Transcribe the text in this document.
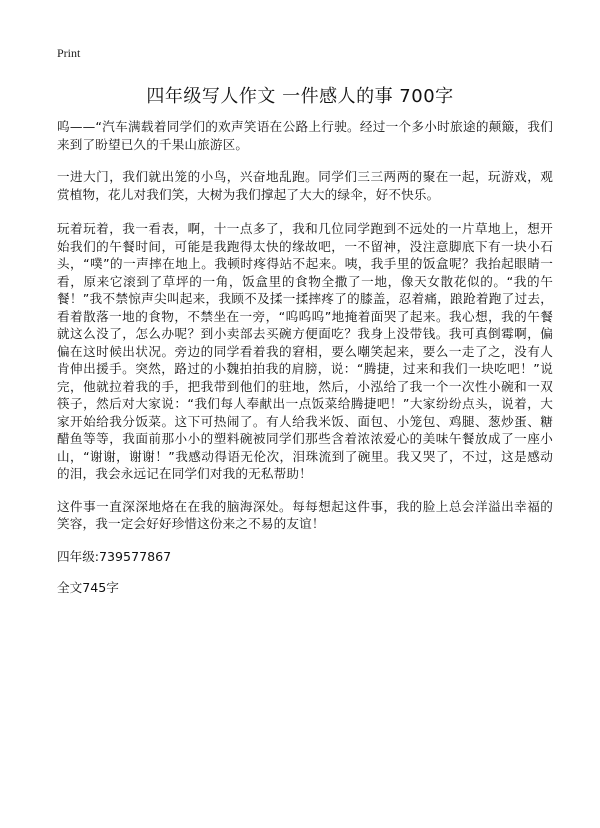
Print
四年级写人作文 一件感人的事 700字

呜——“汽车满载着同学们的欢声笑语在公路上行驶。经过一个多小时旅途的颠簸，我们来到了盼望已久的千果山旅游区。

一进大门，我们就出笼的小鸟，兴奋地乱跑。同学们三三两两的聚在一起，玩游戏，观赏植物，花儿对我们笑，大树为我们撑起了大大的绿伞，好不快乐。

玩着玩着，我一看表，啊，十一点多了，我和几位同学跑到不远处的一片草地上，想开始我们的午餐时间，可能是我跑得太快的缘故吧，一不留神，没注意脚底下有一块小石头，“噗”的一声摔在地上。我顿时疼得站不起来。咦，我手里的饭盒呢？我抬起眼睛一看，原来它滚到了草坪的一角，饭盒里的食物全撒了一地，像天女散花似的。“我的午餐！”我不禁惊声尖叫起来，我顾不及揉一揉摔疼了的膝盖，忍着痛，踉跄着跑了过去，看着散落一地的食物，不禁坐在一旁，“呜呜呜”地掩着面哭了起来。我心想，我的午餐就这么没了，怎么办呢？到小卖部去买碗方便面吃？我身上没带钱。我可真倒霉啊，偏偏在这时候出状况。旁边的同学看着我的窘相，要么嘲笑起来，要么一走了之，没有人肯伸出援手。突然，路过的小魏拍拍我的肩膀，说：“腾捷，过来和我们一块吃吧！”说完，他就拉着我的手，把我带到他们的驻地，然后，小泓给了我一个一次性小碗和一双筷子，然后对大家说：“我们每人奉献出一点饭菜给腾捷吧！”大家纷纷点头，说着，大家开始给我分饭菜。这下可热闹了。有人给我米饭、面包、小笼包、鸡腿、葱炒蛋、糖醋鱼等等，我面前那小小的塑料碗被同学们那些含着浓浓爱心的美味午餐放成了一座小山，“谢谢，谢谢！”我感动得语无伦次，泪珠流到了碗里。我又哭了，不过，这是感动的泪，我会永远记在同学们对我的无私帮助！

这件事一直深深地烙在在我的脑海深处。每每想起这件事，我的脸上总会洋溢出幸福的笑容，我一定会好好珍惜这份来之不易的友谊！

四年级:739577867

全文745字
